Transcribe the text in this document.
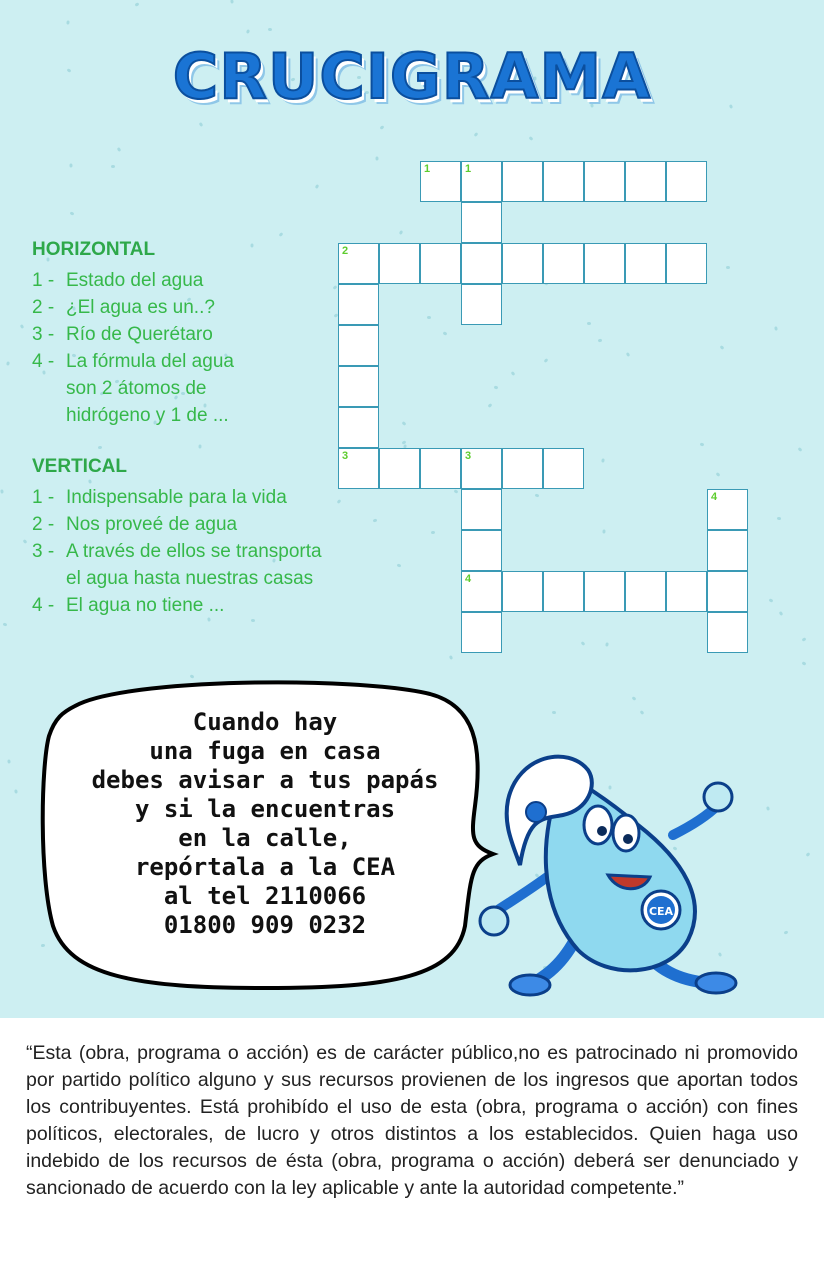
CRUCIGRAMA
HORIZONTAL
1 - Estado del agua
2 - ¿El agua es un..?
3 - Río de Querétaro
4 - La fórmula del agua
son 2 átomos de
hidrógeno y 1 de ...
VERTICAL
1 - Indispensable para la vida
2 - Nos proveé de agua
3 - A través de ellos se transporta
el agua hasta nuestras casas
4 - El agua no tiene ...
1	1
2
3	3
4
4
Cuando hay
una fuga en casa
debes avisar a tus papás
y si la encuentras
en la calle,
repórtala a la CEA
al tel 2110066
01800 909 0232	CEA
“Esta (obra, programa o acción) es de carácter público,no es patrocinado ni promovido por partido político alguno y sus recursos provienen de los ingresos que aportan todos los contribuyentes. Está prohibído el uso de esta (obra, programa o acción) con fines políticos, electorales, de lucro y otros distintos a los establecidos. Quien haga uso indebido de los recursos de ésta (obra, programa o acción) deberá ser denunciado y sancionado de acuerdo con la ley aplicable y ante la autoridad competente.”
